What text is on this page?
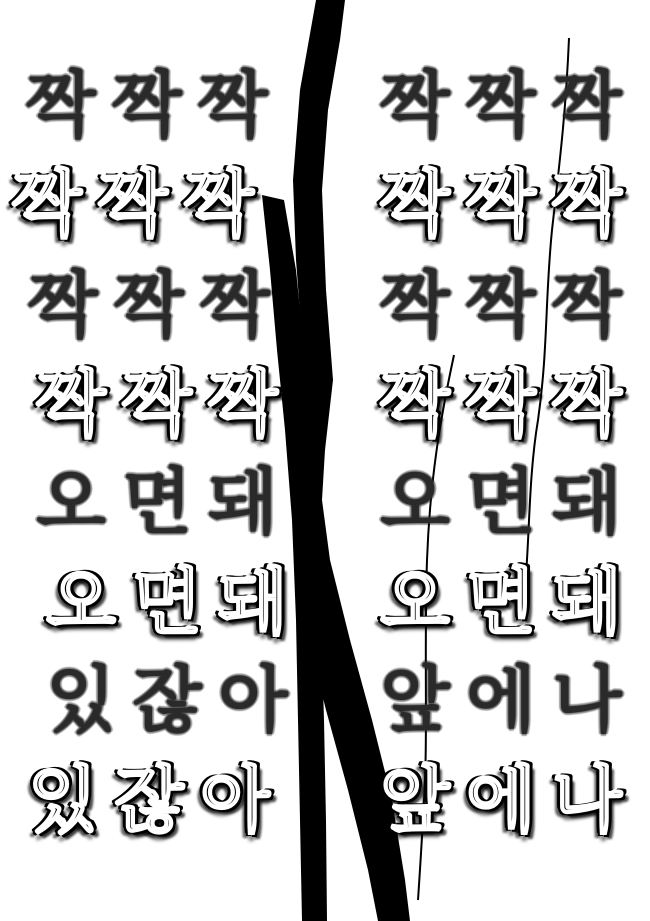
짝 짝 짝
짝 짝 짝
짝 짝 짝
짝 짝 짝
오 면 돼
오 면 돼
있 잖 아
있 잖 아
짝 짝 짝
짝 짝 짝
짝 짝 짝
짝 짝 짝
오 면 돼
오 면 돼
앞 에 나
앞 에 나
